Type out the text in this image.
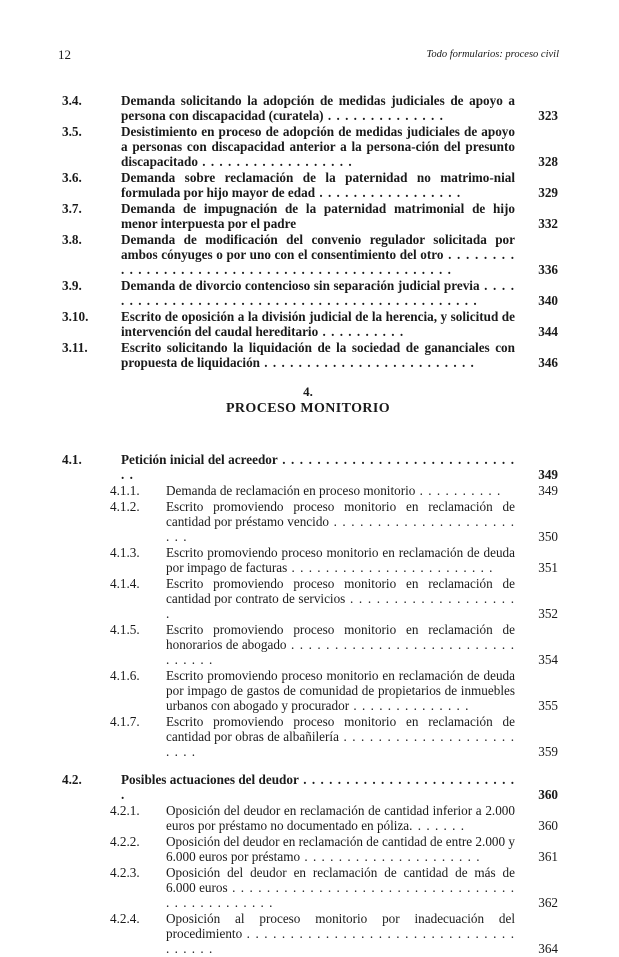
12	Todo formularios: proceso civil
3.4.	Demanda solicitando la adopción de medidas judiciales de apoyo a persona con discapacidad (curatela) . . . . . . . . . . . . . .	323
3.5.	Desistimiento en proceso de adopción de medidas judiciales de apoyo a personas con discapacidad anterior a la persona-ción del presunto discapacitado . . . . . . . . . . . . . . . . . .	328
3.6.	Demanda sobre reclamación de la paternidad no matrimo-nial formulada por hijo mayor de edad . . . . . . . . . . . . . . . . .	329
3.7.	Demanda de impugnación de la paternidad matrimonial de hijo menor interpuesta por el padre	332
3.8.	Demanda de modificación del convenio regulador solicitada por ambos cónyuges o por uno con el consentimiento del otro . . . . . . . . . . . . . . . . . . . . . . . . . . . . . . . . . . . . . . . . . . . . . . .	336
3.9.	Demanda de divorcio contencioso sin separación judicial previa . . . . . . . . . . . . . . . . . . . . . . . . . . . . . . . . . . . . . . . . . . . . . .	340
3.10. Escrito de oposición a la división judicial de la herencia, y solicitud de intervención del caudal hereditario . . . . . . . . . .	344
3.11.	Escrito solicitando la liquidación de la sociedad de gananciales con propuesta de liquidación . . . . . . . . . . . . . . . . . . . . . . . . .	346
4.
PROCESO MONITORIO
4.1.	Petición inicial del acreedor . . . . . . . . . . . . . . . . . . . . . . . . . . . . .	349
4.1.1. Demanda de reclamación en proceso monitorio . . . . . . . . . .	349
4.1.2. Escrito promoviendo proceso monitorio en reclamación de cantidad por préstamo vencido . . . . . . . . . . . . . . . . . . . . . . . .	350
4.1.3. Escrito promoviendo proceso monitorio en reclamación de deuda por impago de facturas . . . . . . . . . . . . . . . . . . . . . . . .	351
4.1.4. Escrito promoviendo proceso monitorio en reclamación de cantidad por contrato de servicios . . . . . . . . . . . . . . . . . . . .	352
4.1.5. Escrito promoviendo proceso monitorio en reclamación de honorarios de abogado . . . . . . . . . . . . . . . . . . . . . . . . . . . . . . . .	354
4.1.6. Escrito promoviendo proceso monitorio en reclamación de deuda por impago de gastos de comunidad de propietarios de inmuebles urbanos con abogado y procurador . . . . . . . . . . . . . .	355
4.1.7. Escrito promoviendo proceso monitorio en reclamación de cantidad por obras de albañilería . . . . . . . . . . . . . . . . . . . . . . . .	359
4.2.	Posibles actuaciones del deudor . . . . . . . . . . . . . . . . . . . . . . . . . .	360
4.2.1. Oposición del deudor en reclamación de cantidad inferior a 2.000 euros por préstamo no documentado en póliza. . . . . . .	360
4.2.2. Oposición del deudor en reclamación de cantidad de entre 2.000 y 6.000 euros por préstamo . . . . . . . . . . . . . . . . . . . . .	361
4.2.3. Oposición del deudor en reclamación de cantidad de más de 6.000 euros . . . . . . . . . . . . . . . . . . . . . . . . . . . . . . . . . . . . . . . . . . . . . .	362
4.2.4. Oposición al proceso monitorio por inadecuación del procedimiento . . . . . . . . . . . . . . . . . . . . . . . . . . . . . . . . . . . . .	364
